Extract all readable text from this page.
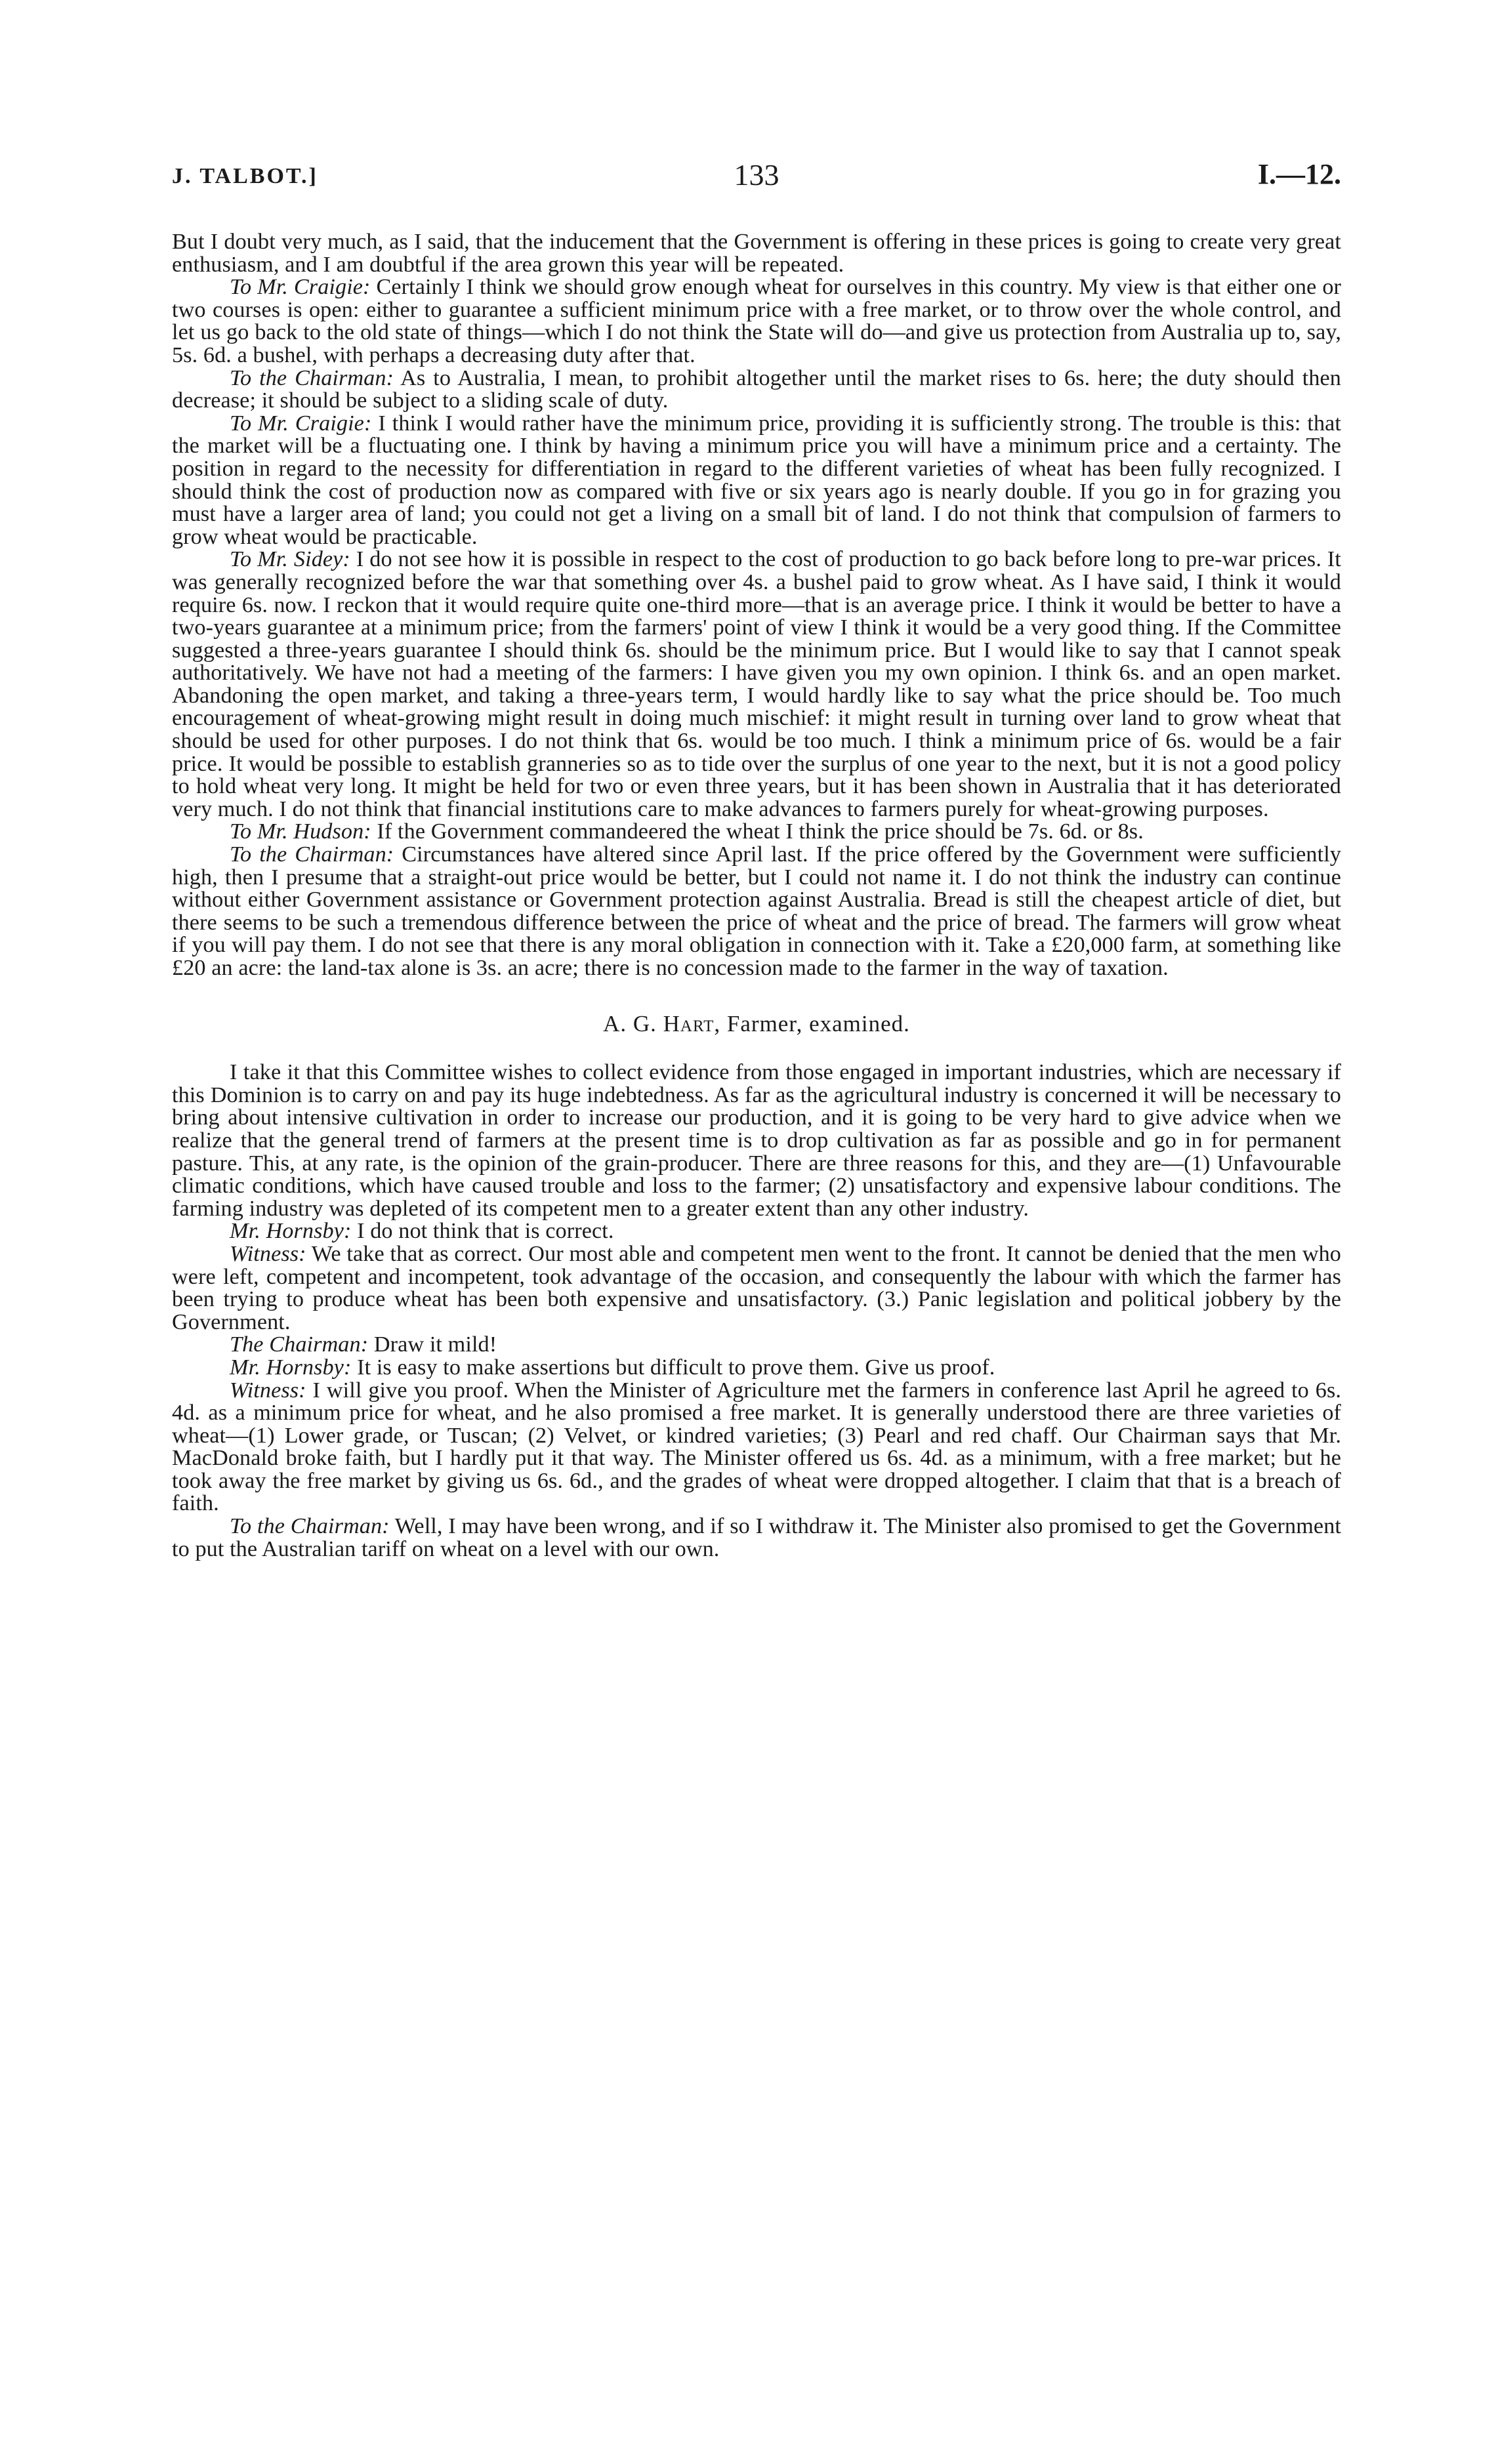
J. TALBOT.]	133	I.—12.

But I doubt very much, as I said, that the inducement that the Government is offering in these prices is going to create very great enthusiasm, and I am doubtful if the area grown this year will be repeated.

To Mr. Craigie: Certainly I think we should grow enough wheat for ourselves in this country. My view is that either one or two courses is open: either to guarantee a sufficient minimum price with a free market, or to throw over the whole control, and let us go back to the old state of things—which I do not think the State will do—and give us protection from Australia up to, say, 5s. 6d. a bushel, with perhaps a decreasing duty after that.

To the Chairman: As to Australia, I mean, to prohibit altogether until the market rises to 6s. here; the duty should then decrease; it should be subject to a sliding scale of duty.

To Mr. Craigie: I think I would rather have the minimum price, providing it is sufficiently strong. The trouble is this: that the market will be a fluctuating one. I think by having a minimum price you will have a minimum price and a certainty. The position in regard to the necessity for differentiation in regard to the different varieties of wheat has been fully recognized. I should think the cost of production now as compared with five or six years ago is nearly double. If you go in for grazing you must have a larger area of land; you could not get a living on a small bit of land. I do not think that compulsion of farmers to grow wheat would be practicable.

To Mr. Sidey: I do not see how it is possible in respect to the cost of production to go back before long to pre-war prices. It was generally recognized before the war that something over 4s. a bushel paid to grow wheat. As I have said, I think it would require 6s. now. I reckon that it would require quite one-third more—that is an average price. I think it would be better to have a two-years guarantee at a minimum price; from the farmers' point of view I think it would be a very good thing. If the Committee suggested a three-years guarantee I should think 6s. should be the minimum price. But I would like to say that I cannot speak authoritatively. We have not had a meeting of the farmers: I have given you my own opinion. I think 6s. and an open market. Abandoning the open market, and taking a three-years term, I would hardly like to say what the price should be. Too much encouragement of wheat-growing might result in doing much mischief: it might result in turning over land to grow wheat that should be used for other purposes. I do not think that 6s. would be too much. I think a minimum price of 6s. would be a fair price. It would be possible to establish granneries so as to tide over the surplus of one year to the next, but it is not a good policy to hold wheat very long. It might be held for two or even three years, but it has been shown in Australia that it has deteriorated very much. I do not think that financial institutions care to make advances to farmers purely for wheat-growing purposes.

To Mr. Hudson: If the Government commandeered the wheat I think the price should be 7s. 6d. or 8s.

To the Chairman: Circumstances have altered since April last. If the price offered by the Government were sufficiently high, then I presume that a straight-out price would be better, but I could not name it. I do not think the industry can continue without either Government assistance or Government protection against Australia. Bread is still the cheapest article of diet, but there seems to be such a tremendous difference between the price of wheat and the price of bread. The farmers will grow wheat if you will pay them. I do not see that there is any moral obligation in connection with it. Take a £20,000 farm, at something like £20 an acre: the land-tax alone is 3s. an acre; there is no concession made to the farmer in the way of taxation.

A. G. Hart, Farmer, examined.

I take it that this Committee wishes to collect evidence from those engaged in important industries, which are necessary if this Dominion is to carry on and pay its huge indebtedness. As far as the agricultural industry is concerned it will be necessary to bring about intensive cultivation in order to increase our production, and it is going to be very hard to give advice when we realize that the general trend of farmers at the present time is to drop cultivation as far as possible and go in for permanent pasture. This, at any rate, is the opinion of the grain-producer. There are three reasons for this, and they are—(1) Unfavourable climatic conditions, which have caused trouble and loss to the farmer; (2) unsatisfactory and expensive labour conditions. The farming industry was depleted of its competent men to a greater extent than any other industry.

Mr. Hornsby: I do not think that is correct.

Witness: We take that as correct. Our most able and competent men went to the front. It cannot be denied that the men who were left, competent and incompetent, took advantage of the occasion, and consequently the labour with which the farmer has been trying to produce wheat has been both expensive and unsatisfactory. (3.) Panic legislation and political jobbery by the Government.

The Chairman: Draw it mild!

Mr. Hornsby: It is easy to make assertions but difficult to prove them. Give us proof.

Witness: I will give you proof. When the Minister of Agriculture met the farmers in conference last April he agreed to 6s. 4d. as a minimum price for wheat, and he also promised a free market. It is generally understood there are three varieties of wheat—(1) Lower grade, or Tuscan; (2) Velvet, or kindred varieties; (3) Pearl and red chaff. Our Chairman says that Mr. MacDonald broke faith, but I hardly put it that way. The Minister offered us 6s. 4d. as a minimum, with a free market; but he took away the free market by giving us 6s. 6d., and the grades of wheat were dropped altogether. I claim that that is a breach of faith.

To the Chairman: Well, I may have been wrong, and if so I withdraw it. The Minister also promised to get the Government to put the Australian tariff on wheat on a level with our own.
